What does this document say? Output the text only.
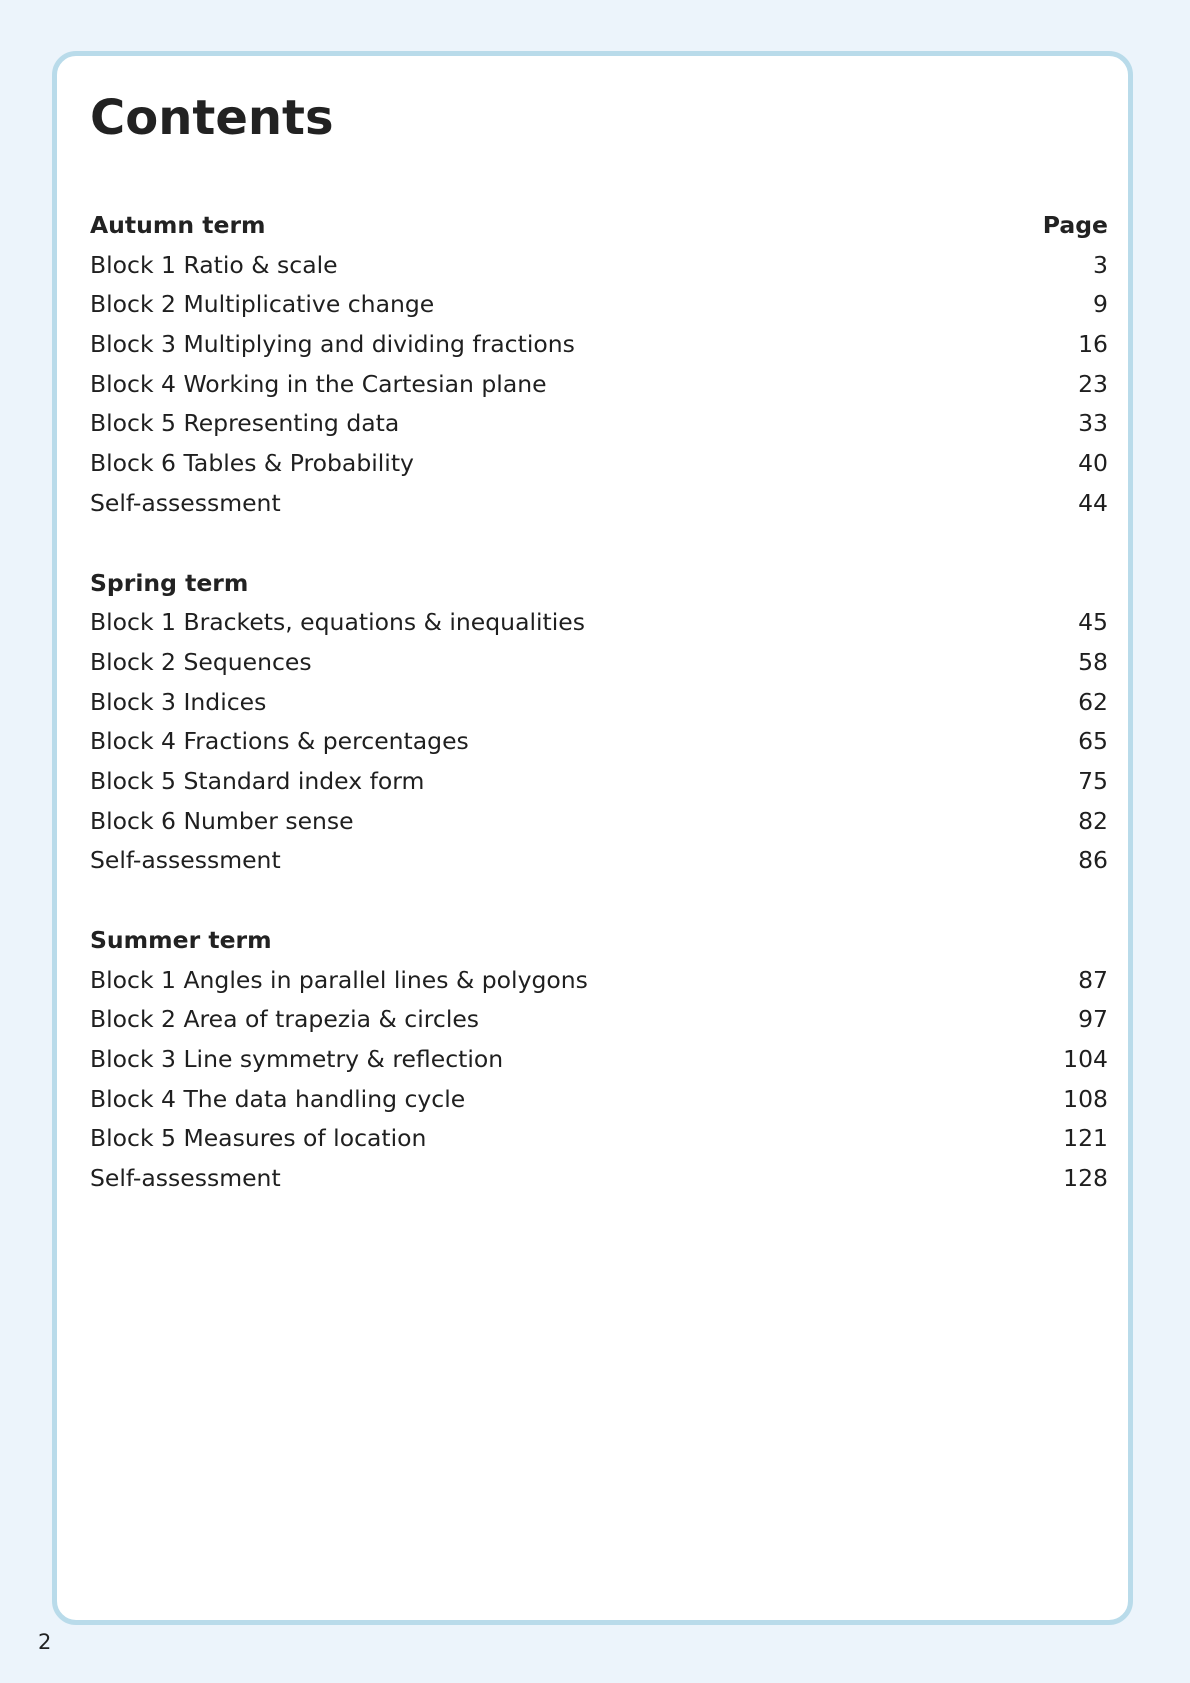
Contents
Autumn term	Page
Block 1 Ratio & scale	3
Block 2 Multiplicative change	9
Block 3 Multiplying and dividing fractions	16
Block 4 Working in the Cartesian plane	23
Block 5 Representing data	33
Block 6 Tables & Probability	40
Self-assessment	44
Spring term
Block 1 Brackets, equations & inequalities	45
Block 2 Sequences	58
Block 3 Indices	62
Block 4 Fractions & percentages	65
Block 5 Standard index form	75
Block 6 Number sense	82
Self-assessment	86
Summer term
Block 1 Angles in parallel lines & polygons	87
Block 2 Area of trapezia & circles	97
Block 3 Line symmetry & reflection	104
Block 4 The data handling cycle	108
Block 5 Measures of location	121
Self-assessment	128
2
